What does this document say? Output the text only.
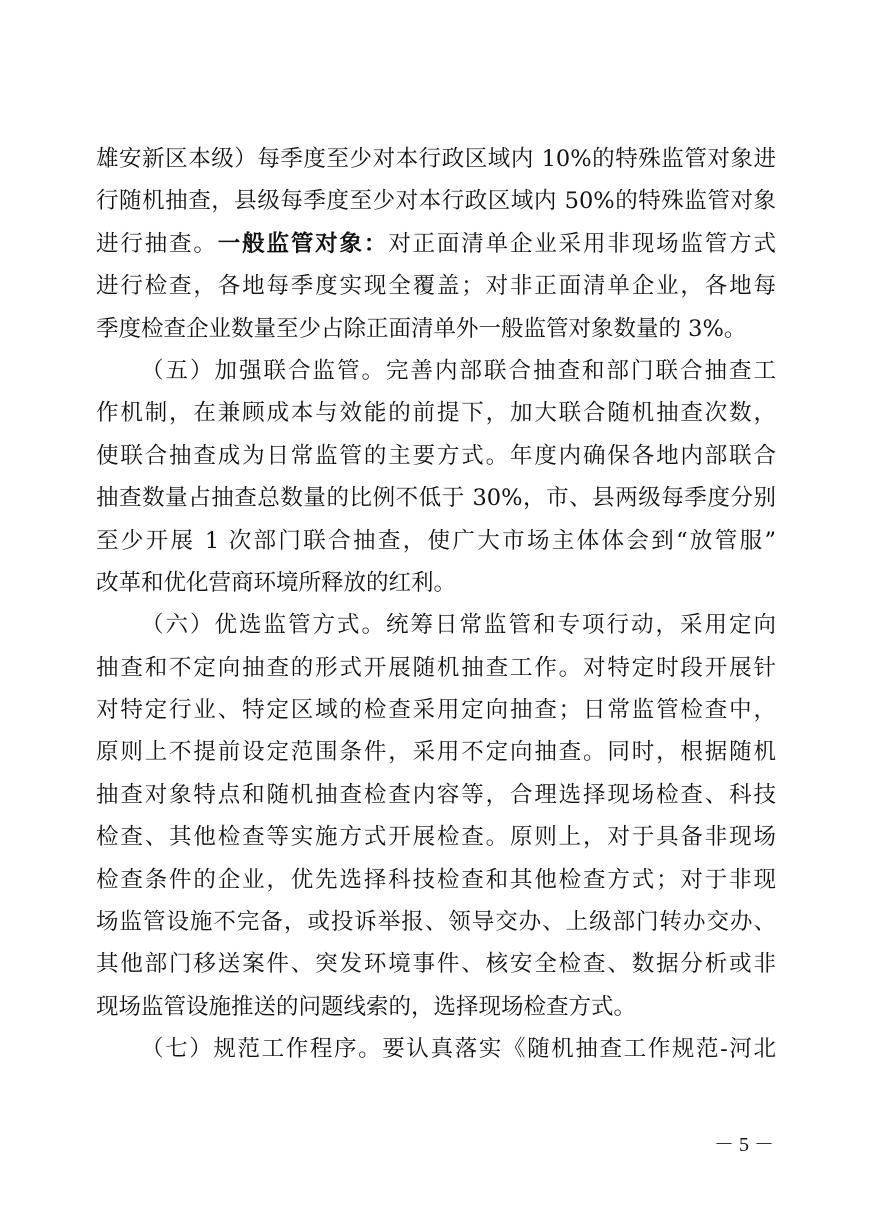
雄安新区本级）每季度至少对本行政区域内 10%的特殊监管对象进
行随机抽查，县级每季度至少对本行政区域内 50%的特殊监管对象
进行抽查。一般监管对象：对正面清单企业采用非现场监管方式
进行检查，各地每季度实现全覆盖；对非正面清单企业，各地每
季度检查企业数量至少占除正面清单外一般监管对象数量的 3%。
（五）加强联合监管。完善内部联合抽查和部门联合抽查工
作机制，在兼顾成本与效能的前提下，加大联合随机抽查次数，
使联合抽查成为日常监管的主要方式。年度内确保各地内部联合
抽查数量占抽查总数量的比例不低于 30%，市、县两级每季度分别
至少开展 1 次部门联合抽查，使广大市场主体体会到“放管服”
改革和优化营商环境所释放的红利。
（六）优选监管方式。统筹日常监管和专项行动，采用定向
抽查和不定向抽查的形式开展随机抽查工作。对特定时段开展针
对特定行业、特定区域的检查采用定向抽查；日常监管检查中，
原则上不提前设定范围条件，采用不定向抽查。同时，根据随机
抽查对象特点和随机抽查检查内容等，合理选择现场检查、科技
检查、其他检查等实施方式开展检查。原则上，对于具备非现场
检查条件的企业，优先选择科技检查和其他检查方式；对于非现
场监管设施不完备，或投诉举报、领导交办、上级部门转办交办、
其他部门移送案件、突发环境事件、核安全检查、数据分析或非
现场监管设施推送的问题线索的，选择现场检查方式。
（七）规范工作程序。要认真落实《随机抽查工作规范-河北
－ 5 －
